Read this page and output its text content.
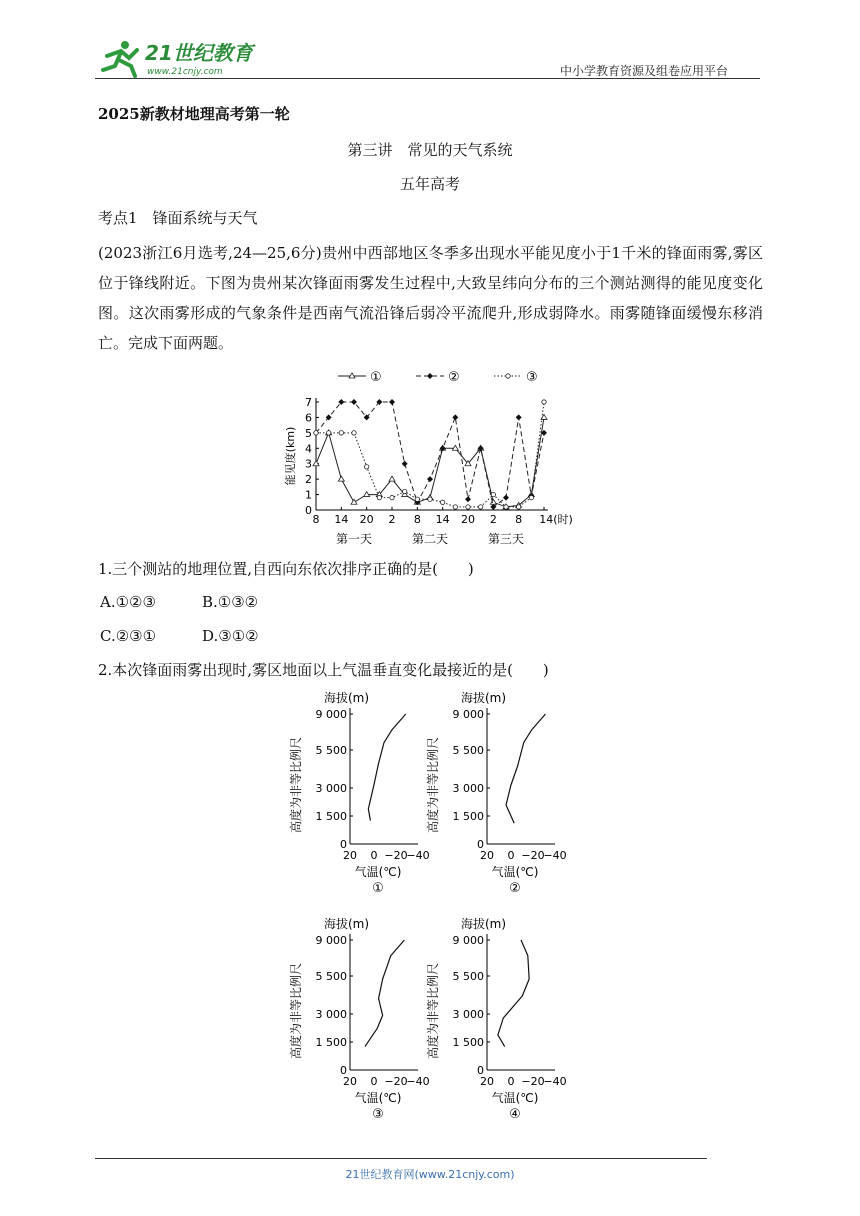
21世纪教育
www.21cnjy.com	中小学教育资源及组卷应用平台
2025新教材地理高考第一轮
第三讲　常见的天气系统
五年高考
考点1　锋面系统与天气
(2023浙江6月选考,24—25,6分)贵州中西部地区冬季多出现水平能见度小于1千米的锋面雨雾,雾区位于锋线附近。下图为贵州某次锋面雨雾发生过程中,大致呈纬向分布的三个测站测得的能见度变化图。这次雨雾形成的气象条件是西南气流沿锋后弱冷平流爬升,形成弱降水。雨雾随锋面缓慢东移消亡。完成下面两题。
0
1
2
3
4
5
6
7
8 14 20 2 8 14 20 2 8 14(时)
第一天	第二天	第三天
能见度(km)
①	②	③
1.三个测站的地理位置,自西向东依次排序正确的是(　　)
A.①②③	B.①③②
C.②③①	D.③①②
2.本次锋面雨雾出现时,雾区地面以上气温垂直变化最接近的是(　　)
海拔(m)
9 000
5 500
3 000
1 500
0
20 0 −20
−40
高度为非等比例尺
气温(℃)
①
海拔(m)
9 000
5 500
3 000
1 500
0
20 0 −20
−40
高度为非等比例尺
气温(℃)
②
海拔(m)
9 000
5 500
3 000
1 500
0
20 0 −20
−40
高度为非等比例尺
气温(℃)
③
海拔(m)
9 000
5 500
3 000
1 500
0
20 0 −20
−40
高度为非等比例尺
气温(℃)
④
21世纪教育网(www.21cnjy.com)
